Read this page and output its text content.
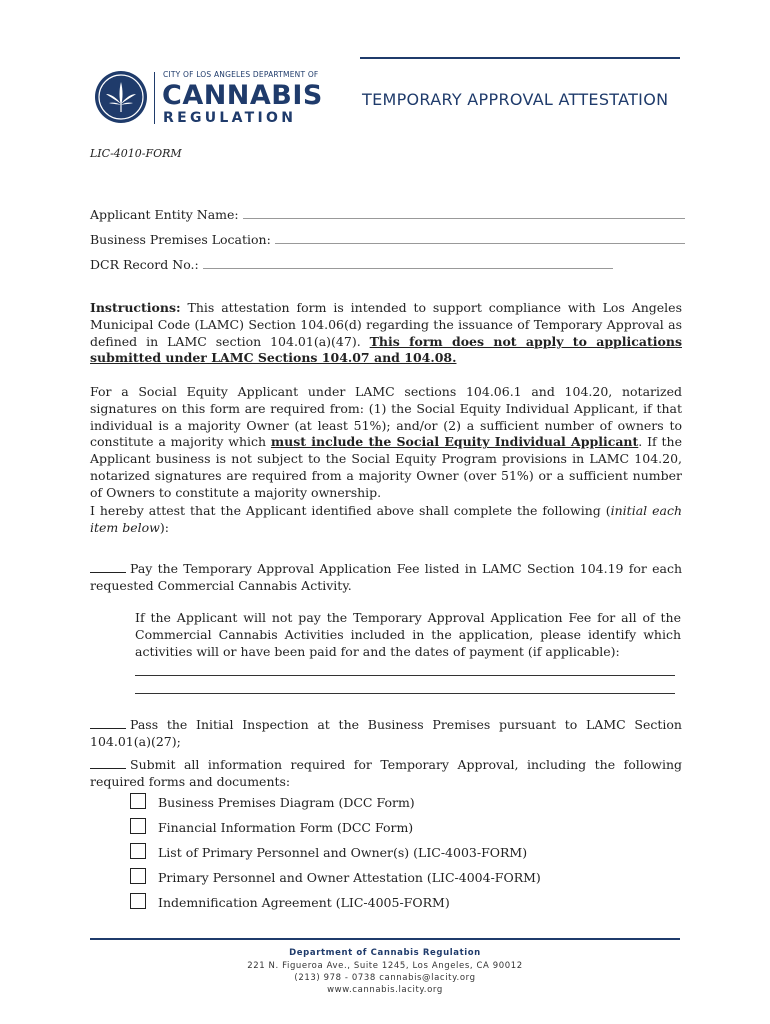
CITY OF LOS ANGELES DEPARTMENT OF
CANNABIS
REGULATION
TEMPORARY APPROVAL ATTESTATION
LIC-4010-FORM
Applicant Entity Name:
Business Premises Location:
DCR Record No.:
Instructions: This attestation form is intended to support compliance with Los Angeles Municipal Code (LAMC) Section 104.06(d) regarding the issuance of Temporary Approval as defined in LAMC section 104.01(a)(47). This form does not apply to applications submitted under LAMC Sections 104.07 and 104.08.
For a Social Equity Applicant under LAMC sections 104.06.1 and 104.20, notarized signatures on this form are required from: (1) the Social Equity Individual Applicant, if that individual is a majority Owner (at least 51%); and/or (2) a sufficient number of owners to constitute a majority which must include the Social Equity Individual Applicant. If the Applicant business is not subject to the Social Equity Program provisions in LAMC 104.20, notarized signatures are required from a majority Owner (over 51%) or a sufficient number of Owners to constitute a majority ownership.
I hereby attest that the Applicant identified above shall complete the following (initial each item below):
Pay the Temporary Approval Application Fee listed in LAMC Section 104.19 for each requested Commercial Cannabis Activity.
If the Applicant will not pay the Temporary Approval Application Fee for all of the Commercial Cannabis Activities included in the application, please identify which activities will or have been paid for and the dates of payment (if applicable):
Pass the Initial Inspection at the Business Premises pursuant to LAMC Section 104.01(a)(27);
Submit all information required for Temporary Approval, including the following required forms and documents:
Business Premises Diagram (DCC Form)
Financial Information Form (DCC Form)
List of Primary Personnel and Owner(s) (LIC-4003-FORM)
Primary Personnel and Owner Attestation (LIC-4004-FORM)
Indemnification Agreement (LIC-4005-FORM)
Department of Cannabis Regulation
221 N. Figueroa Ave., Suite 1245, Los Angeles, CA 90012
(213) 978 - 0738 cannabis@lacity.org
www.cannabis.lacity.org
